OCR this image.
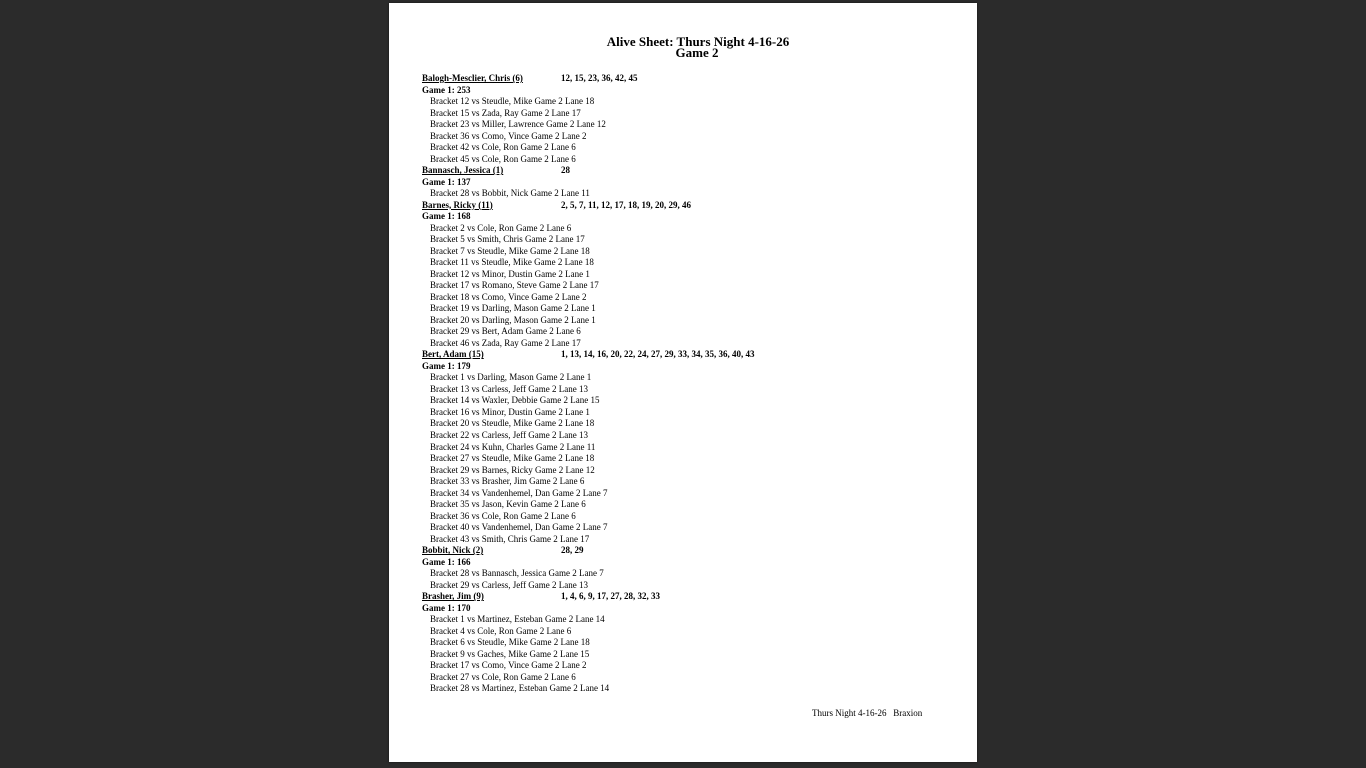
Alive Sheet: Thurs Night 4-16-26
Game 2
Balogh-Mesclier, Chris (6)	12, 15, 23, 36, 42, 45
Game 1: 253
Bracket 12 vs Steudle, Mike Game 2 Lane 18
Bracket 15 vs Zada, Ray Game 2 Lane 17
Bracket 23 vs Miller, Lawrence Game 2 Lane 12
Bracket 36 vs Como, Vince Game 2 Lane 2
Bracket 42 vs Cole, Ron Game 2 Lane 6
Bracket 45 vs Cole, Ron Game 2 Lane 6
Bannasch, Jessica (1)	28
Game 1: 137
Bracket 28 vs Bobbit, Nick Game 2 Lane 11
Barnes, Ricky (11)	2, 5, 7, 11, 12, 17, 18, 19, 20, 29, 46
Game 1: 168
Bracket 2 vs Cole, Ron Game 2 Lane 6
Bracket 5 vs Smith, Chris Game 2 Lane 17
Bracket 7 vs Steudle, Mike Game 2 Lane 18
Bracket 11 vs Steudle, Mike Game 2 Lane 18
Bracket 12 vs Minor, Dustin Game 2 Lane 1
Bracket 17 vs Romano, Steve Game 2 Lane 17
Bracket 18 vs Como, Vince Game 2 Lane 2
Bracket 19 vs Darling, Mason Game 2 Lane 1
Bracket 20 vs Darling, Mason Game 2 Lane 1
Bracket 29 vs Bert, Adam Game 2 Lane 6
Bracket 46 vs Zada, Ray Game 2 Lane 17
Bert, Adam (15)	1, 13, 14, 16, 20, 22, 24, 27, 29, 33, 34, 35, 36, 40, 43
Game 1: 179
Bracket 1 vs Darling, Mason Game 2 Lane 1
Bracket 13 vs Carless, Jeff Game 2 Lane 13
Bracket 14 vs Waxler, Debbie Game 2 Lane 15
Bracket 16 vs Minor, Dustin Game 2 Lane 1
Bracket 20 vs Steudle, Mike Game 2 Lane 18
Bracket 22 vs Carless, Jeff Game 2 Lane 13
Bracket 24 vs Kuhn, Charles Game 2 Lane 11
Bracket 27 vs Steudle, Mike Game 2 Lane 18
Bracket 29 vs Barnes, Ricky Game 2 Lane 12
Bracket 33 vs Brasher, Jim Game 2 Lane 6
Bracket 34 vs Vandenhemel, Dan Game 2 Lane 7
Bracket 35 vs Jason, Kevin Game 2 Lane 6
Bracket 36 vs Cole, Ron Game 2 Lane 6
Bracket 40 vs Vandenhemel, Dan Game 2 Lane 7
Bracket 43 vs Smith, Chris Game 2 Lane 17
Bobbit, Nick (2)	28, 29
Game 1: 166
Bracket 28 vs Bannasch, Jessica Game 2 Lane 7
Bracket 29 vs Carless, Jeff Game 2 Lane 13
Brasher, Jim (9)	1, 4, 6, 9, 17, 27, 28, 32, 33
Game 1: 170
Bracket 1 vs Martinez, Esteban Game 2 Lane 14
Bracket 4 vs Cole, Ron Game 2 Lane 6
Bracket 6 vs Steudle, Mike Game 2 Lane 18
Bracket 9 vs Gaches, Mike Game 2 Lane 15
Bracket 17 vs Como, Vince Game 2 Lane 2
Bracket 27 vs Cole, Ron Game 2 Lane 6
Bracket 28 vs Martinez, Esteban Game 2 Lane 14
Thurs Night 4-16-26   Braxion
